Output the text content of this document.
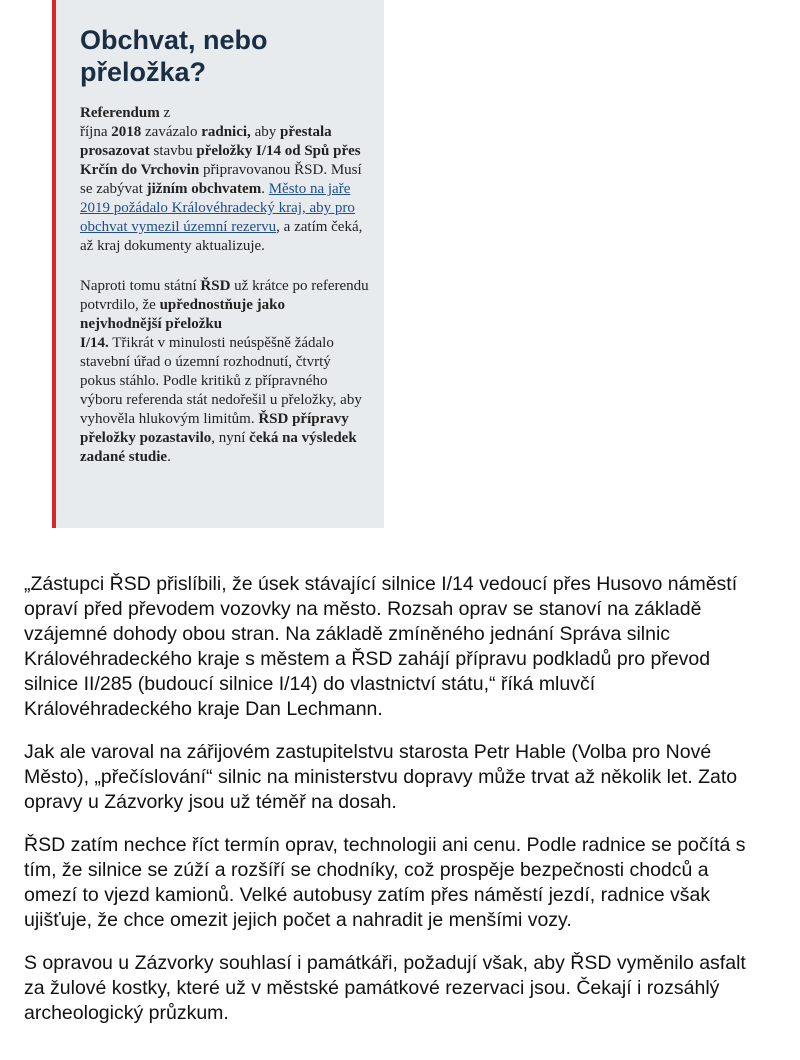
Obchvat, nebo
přeložka?

Referendum z
října 2018 zavázalo radnici, aby přestala prosazovat stavbu přeložky I/14 od Spů přes Krčín do Vrchovin připravovanou ŘSD. Musí se zabývat jižním obchvatem. Město na jaře 2019 požádalo Královéhradecký kraj, aby pro obchvat vymezil územní rezervu, a zatím čeká, až kraj dokumenty aktualizuje.

Naproti tomu státní ŘSD už krátce po referendu potvrdilo, že upřednostňuje jako nejvhodnější přeložku
I/14. Třikrát v minulosti neúspěšně žádalo stavební úřad o územní rozhodnutí, čtvrtý pokus stáhlo. Podle kritiků z přípravného výboru referenda stát nedořešil u přeložky, aby vyhověla hlukovým limitům. ŘSD přípravy přeložky pozastavilo, nyní čeká na výsledek zadané studie.

„Zástupci ŘSD přislíbili, že úsek stávající silnice I/14 vedoucí přes Husovo náměstí opraví před převodem vozovky na město. Rozsah oprav se stanoví na základě vzájemné dohody obou stran. Na základě zmíněného jednání Správa silnic Královéhradeckého kraje s městem a ŘSD zahájí přípravu podkladů pro převod silnice II/285 (budoucí silnice I/14) do vlastnictví státu,“ říká mluvčí Královéhradeckého kraje Dan Lechmann.

Jak ale varoval na zářijovém zastupitelstvu starosta Petr Hable (Volba pro Nové Město), „přečíslování“ silnic na ministerstvu dopravy může trvat až několik let. Zato opravy u Zázvorky jsou už téměř na dosah.

ŘSD zatím nechce říct termín oprav, technologii ani cenu. Podle radnice se počítá s tím, že silnice se zúží a rozšíří se chodníky, což prospěje bezpečnosti chodců a omezí to vjezd kamionů. Velké autobusy zatím přes náměstí jezdí, radnice však ujišťuje, že chce omezit jejich počet a nahradit je menšími vozy.

S opravou u Zázvorky souhlasí i památkáři, požadují však, aby ŘSD vyměnilo asfalt za žulové kostky, které už v městské památkové rezervaci jsou. Čekají i rozsáhlý archeologický průzkum.
